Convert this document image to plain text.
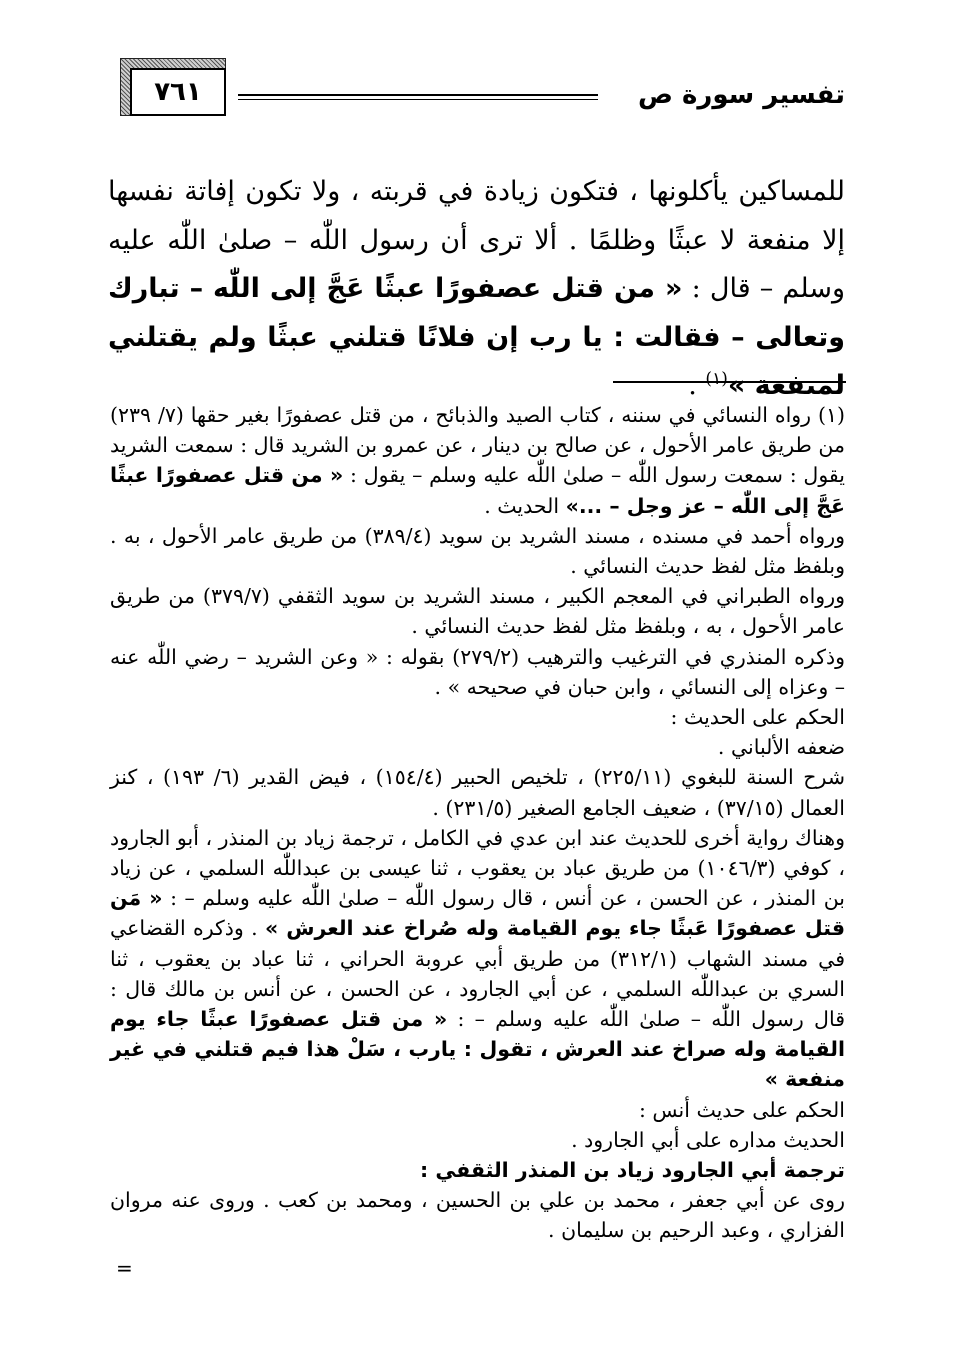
٧٦١	تفسير سورة ص

للمساكين يأكلونها ، فتكون زيادة في قربته ، ولا تكون إفاتة نفسها إلا منفعة لا عبثًا وظلمًا . ألا ترى أن رسول اللّٰه – صلىٰ اللّٰه عليه وسلم – قال : « من قتل عصفورًا عبثًا عَجَّ إلى اللّٰه – تبارك وتعالى – فقالت : يا رب إن فلانًا قتلني عبثًا ولم يقتلني لمنفعة »$^{(١)}$ .

(١) رواه النسائي في سننه ، كتاب الصيد والذبائح ، من قتل عصفورًا بغير حقها (٧/ ٢٣٩) من طريق عامر الأحول ، عن صالح بن دينار ، عن عمرو بن الشريد قال : سمعت الشريد يقول : سمعت رسول اللّٰه – صلىٰ اللّٰه عليه وسلم – يقول : « من قتل عصفورًا عبثًا عَجَّ إلى اللّٰه – عز وجل – ...» الحديث .

ورواه أحمد في مسنده ، مسند الشريد بن سويد (٣٨٩/٤) من طريق عامر الأحول ، به . وبلفظ مثل لفظ حديث النسائي .

ورواه الطبراني في المعجم الكبير ، مسند الشريد بن سويد الثقفي (٣٧٩/٧) من طريق عامر الأحول ، به ، وبلفظ مثل لفظ حديث النسائي .

وذكره المنذري في الترغيب والترهيب (٢٧٩/٢) بقوله : « وعن الشريد – رضي اللّٰه عنه – وعزاه إلى النسائي ، وابن حبان في صحيحه » .

الحكم على الحديث :

ضعفه الألباني .

شرح السنة للبغوي (٢٢٥/١١) ، تلخيص الحبير (١٥٤/٤) ، فيض القدير (٦/ ١٩٣) ، كنز العمال (٣٧/١٥) ، ضعيف الجامع الصغير (٢٣١/٥) .

وهناك رواية أخرى للحديث عند ابن عدي في الكامل ، ترجمة زياد بن المنذر ، أبو الجارود ، كوفي (١٠٤٦/٣) من طريق عباد بن يعقوب ، ثنا عيسى بن عبداللّٰه السلمي ، عن زياد بن المنذر ، عن الحسن ، عن أنس ، قال رسول اللّٰه – صلىٰ اللّٰه عليه وسلم – : « مَن قتل عصفورًا عَبثًا جاء يوم القيامة وله صُراخ عند العرش » . وذكره القضاعي في مسند الشهاب (٣١٢/١) من طريق أبي عروبة الحراني ، ثنا عباد بن يعقوب ، ثنا السري بن عبداللّٰه السلمي ، عن أبي الجارود ، عن الحسن ، عن أنس بن مالك قال : قال رسول اللّٰه – صلىٰ اللّٰه عليه وسلم – : « من قتل عصفورًا عبثًا جاء يوم القيامة وله صراخ عند العرش ، تقول : يارب ، سَلْ هذا فيم قتلني في غير منفعة »

الحكم على حديث أنس :

الحديث مداره على أبي الجارود .

ترجمة أبي الجارود زياد بن المنذر الثقفي :

روى عن أبي جعفر ، محمد بن علي بن الحسين ، ومحمد بن كعب . وروى عنه مروان الفزاري ، وعبد الرحيم بن سليمان .

=
